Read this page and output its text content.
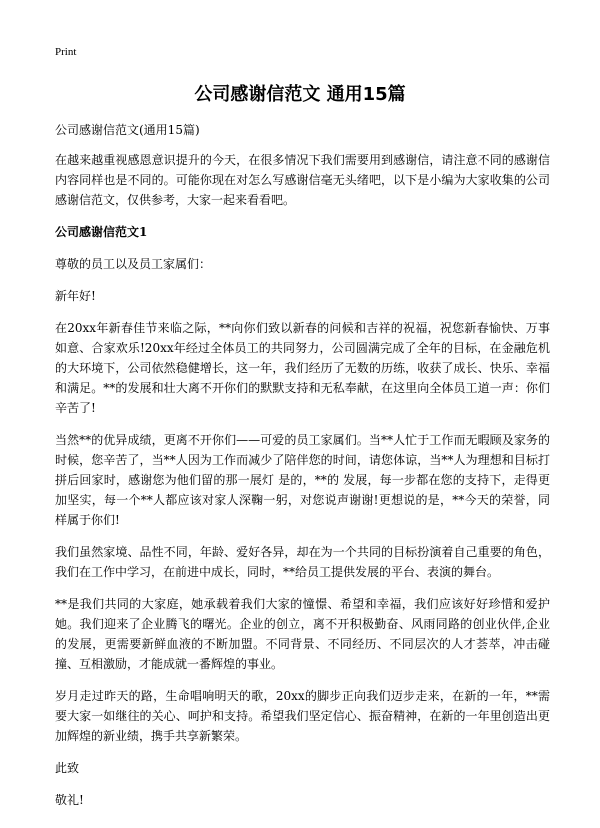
Print
公司感谢信范文 通用15篇

公司感谢信范文(通用15篇)

在越来越重视感恩意识提升的今天，在很多情况下我们需要用到感谢信，请注意不同的感谢信内容同样也是不同的。可能你现在对怎么写感谢信毫无头绪吧，以下是小编为大家收集的公司感谢信范文，仅供参考，大家一起来看看吧。

公司感谢信范文1

尊敬的员工以及员工家属们：

新年好!

在20xx年新春佳节来临之际，**向你们致以新春的问候和吉祥的祝福，祝您新春愉快、万事如意、合家欢乐!20xx年经过全体员工的共同努力，公司圆满完成了全年的目标，在金融危机的大环境下，公司依然稳健增长，这一年，我们经历了无数的历练，收获了成长、快乐、幸福和满足。**的发展和壮大离不开你们的默默支持和无私奉献，在这里向全体员工道一声：你们辛苦了!

当然**的优异成绩，更离不开你们——可爱的员工家属们。当**人忙于工作而无暇顾及家务的时候，您辛苦了，当**人因为工作而减少了陪伴您的时间，请您体谅，当**人为理想和目标打拼后回家时，感谢您为他们留的那一展灯 是的，**的 发展，每一步都在您的支持下，走得更加坚实，每一个**人都应该对家人深鞠一躬，对您说声谢谢!更想说的是，**今天的荣誉，同样属于你们!

我们虽然家境、品性不同，年龄、爱好各异，却在为一个共同的目标扮演着自己重要的角色，我们在工作中学习，在前进中成长，同时，**给员工提供发展的平台、表演的舞台。

**是我们共同的大家庭，她承载着我们大家的憧憬、希望和幸福，我们应该好好珍惜和爱护她。我们迎来了企业腾飞的曙光。企业的创立，离不开积极勤奋、风雨同路的创业伙伴,企业的发展，更需要新鲜血液的不断加盟。不同背景、不同经历、不同层次的人才荟萃，冲击碰撞、互相激励，才能成就一番辉煌的事业。

岁月走过昨天的路，生命唱响明天的歌，20xx的脚步正向我们迈步走来，在新的一年，**需要大家一如继往的关心、呵护和支持。希望我们坚定信心、振奋精神，在新的一年里创造出更加辉煌的新业绩，携手共享新繁荣。

此致

敬礼!
